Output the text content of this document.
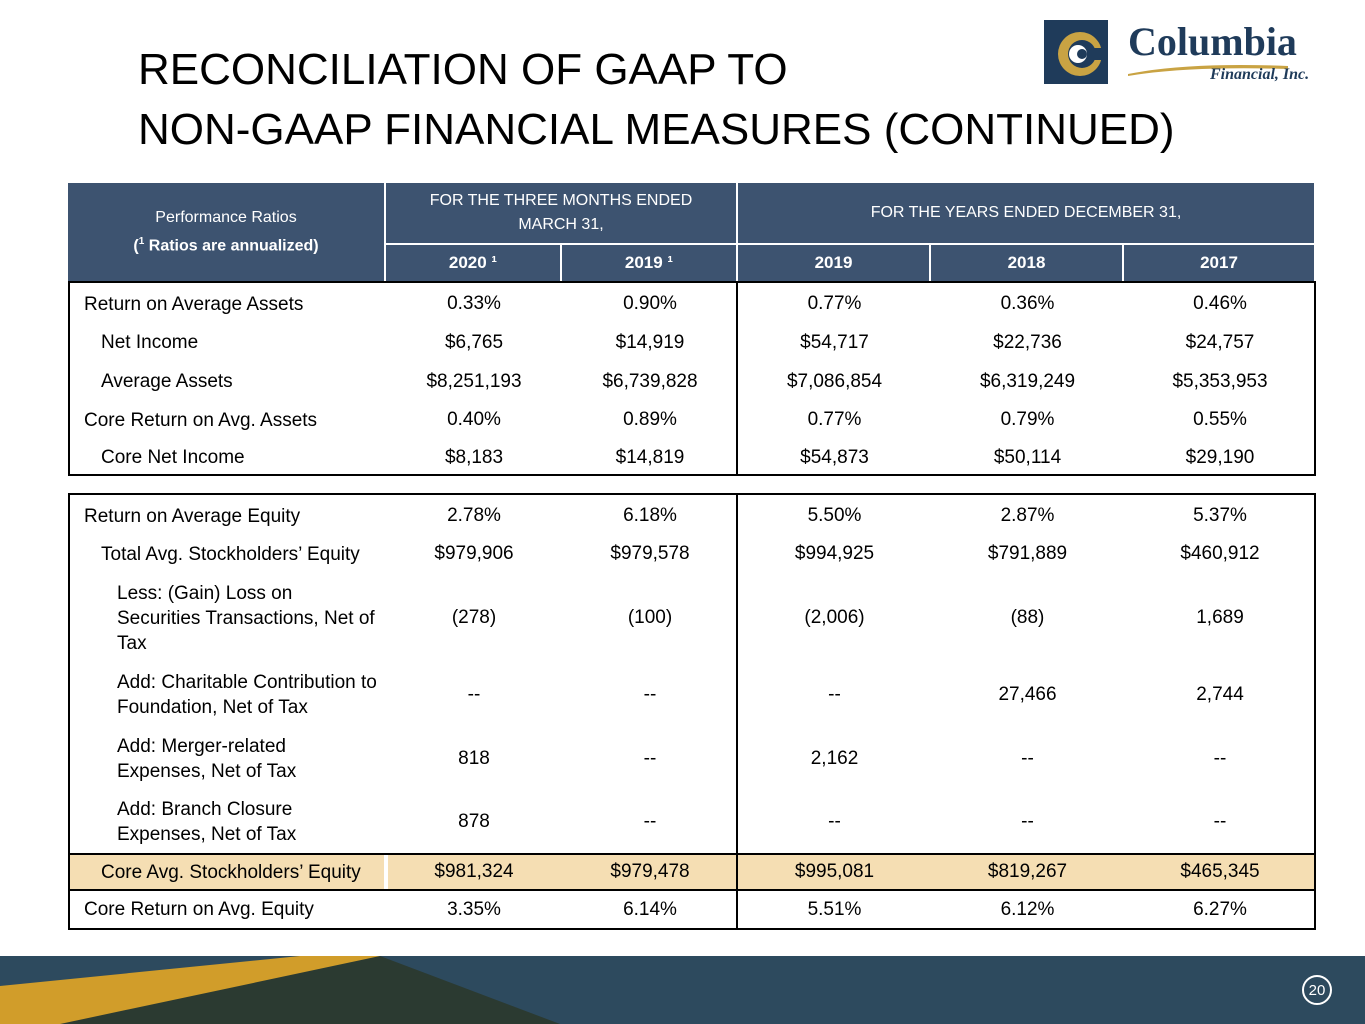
RECONCILIATION OF GAAP TO
NON-GAAP FINANCIAL MEASURES (CONTINUED)
Columbia
Financial, Inc.
Performance Ratios
($^1$ Ratios are annualized)
FOR THE THREE MONTHS ENDED MARCH 31,
FOR THE YEARS ENDED DECEMBER 31,
2020 ¹	2019 ¹	2019	2018	2017
Return on Average Assets	0.33%	0.90%	0.77%	0.36%	0.46%
Net Income	$6,765	$14,919	$54,717	$22,736	$24,757
Average Assets	$8,251,193	$6,739,828	$7,086,854	$6,319,249	$5,353,953
Core Return on Avg. Assets	0.40%	0.89%	0.77%	0.79%	0.55%
Core Net Income	$8,183	$14,819	$54,873	$50,114	$29,190
Return on Average Equity	2.78%	6.18%	5.50%	2.87%	5.37%
Total Avg. Stockholders’ Equity	$979,906	$979,578	$994,925	$791,889	$460,912
Less: (Gain) Loss on Securities Transactions, Net of Tax
(278)	(100)	(2,006)	(88)	1,689
Add: Charitable Contribution to Foundation, Net of Tax
--	--	--	27,466	2,744
Add: Merger-related Expenses, Net of Tax
818	--	2,162	--	--
Add: Branch Closure Expenses, Net of Tax
878	--	--	--	--
Core Avg. Stockholders’ Equity	$981,324	$979,478	$995,081	$819,267	$465,345
Core Return on Avg. Equity	3.35%	6.14%	5.51%	6.12%	6.27%
20
